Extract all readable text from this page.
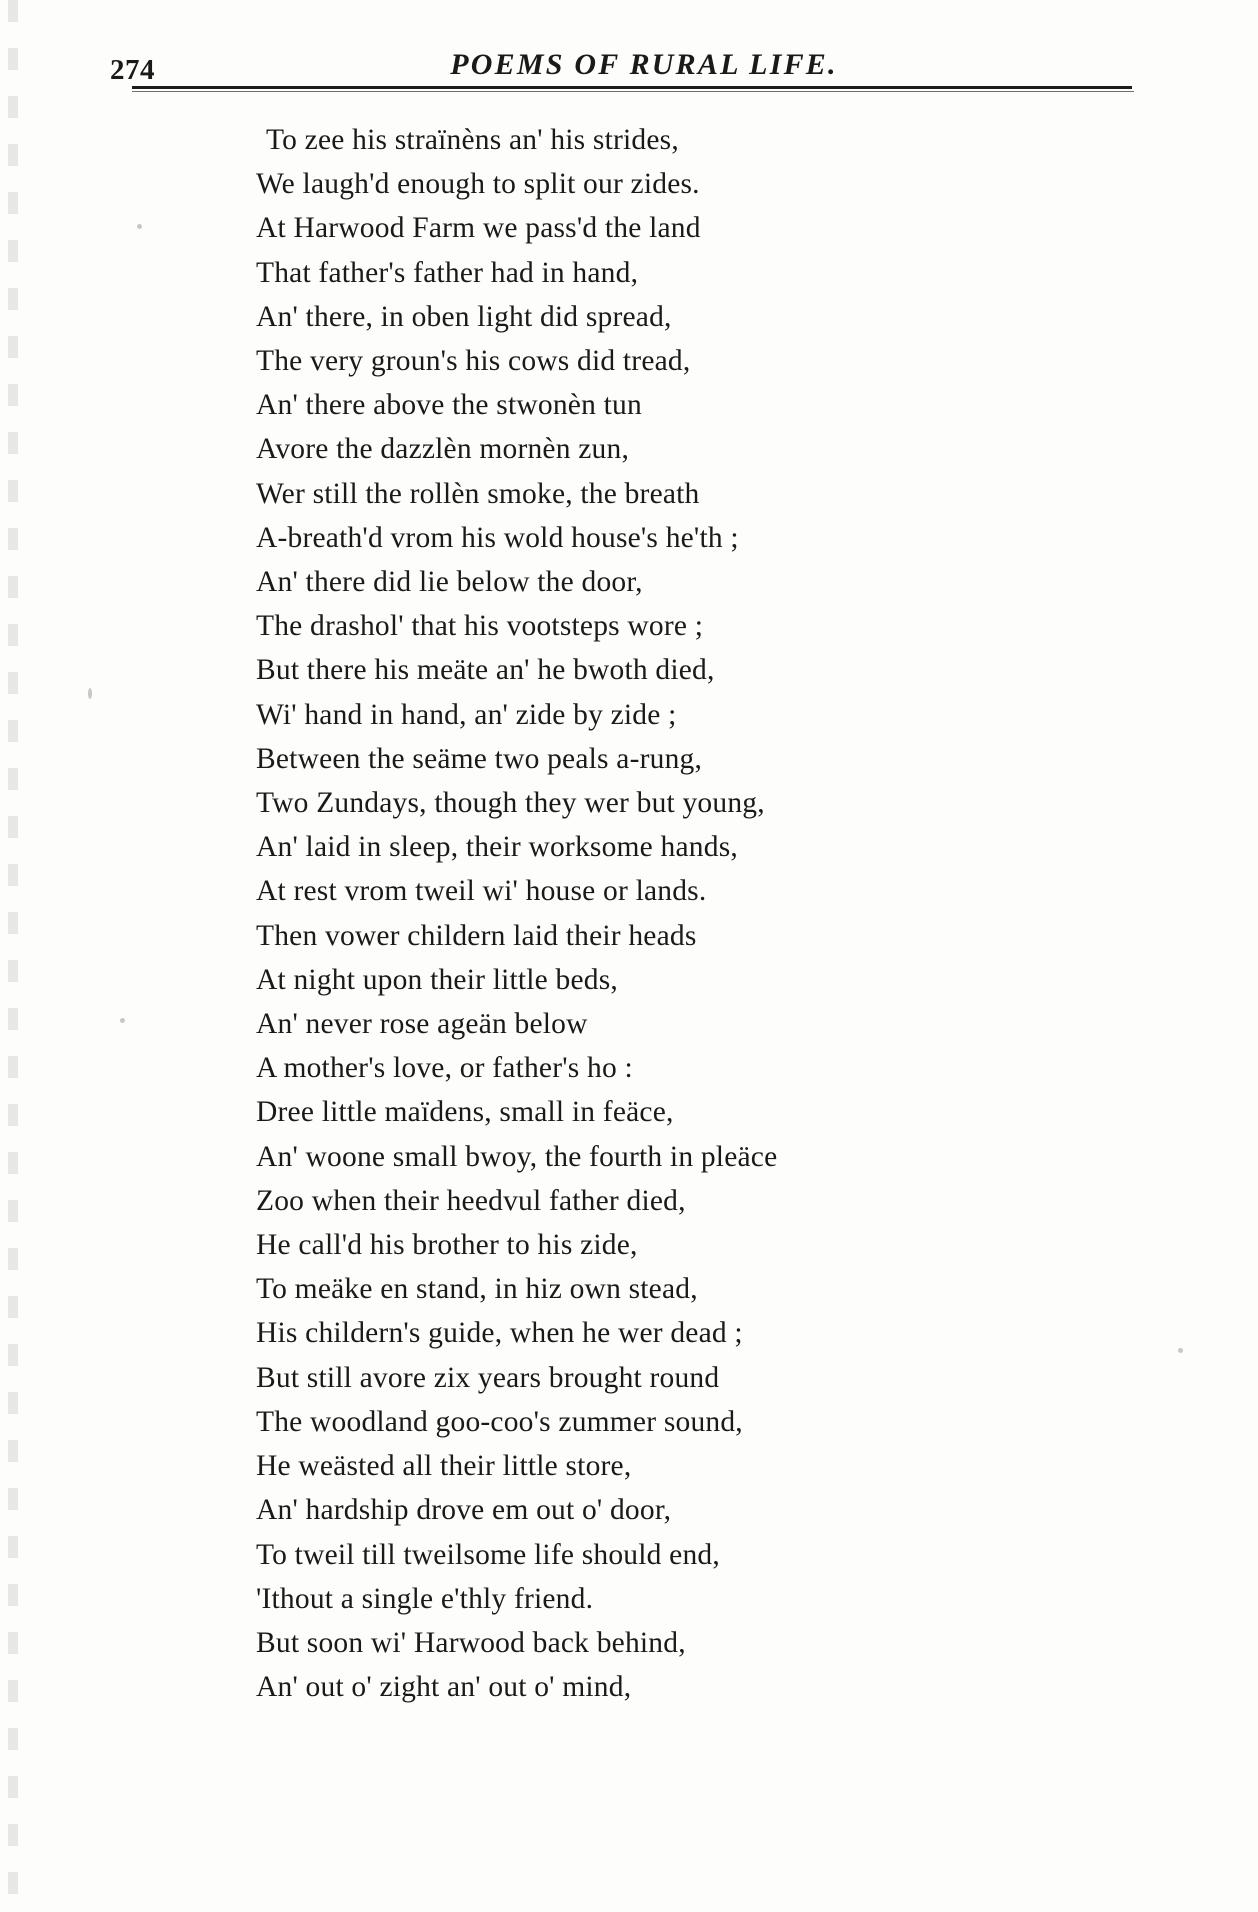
274	POEMS OF RURAL LIFE.
To zee his straïnèns an' his strides,
We laugh'd enough to split our zides.
At Harwood Farm we pass'd the land
That father's father had in hand,
An' there, in oben light did spread,
The very groun's his cows did tread,
An' there above the stwonèn tun
Avore the dazzlèn mornèn zun,
Wer still the rollèn smoke, the breath
A-breath'd vrom his wold house's he'th ;
An' there did lie below the door,
The drashol' that his vootsteps wore ;
But there his meäte an' he bwoth died,
Wi' hand in hand, an' zide by zide ;
Between the seäme two peals a-rung,
Two Zundays, though they wer but young,
An' laid in sleep, their worksome hands,
At rest vrom tweil wi' house or lands.
Then vower childern laid their heads
At night upon their little beds,
An' never rose ageän below
A mother's love, or father's ho :
Dree little maïdens, small in feäce,
An' woone small bwoy, the fourth in pleäce
Zoo when their heedvul father died,
He call'd his brother to his zide,
To meäke en stand, in hiz own stead,
His childern's guide, when he wer dead ;
But still avore zix years brought round
The woodland goo-coo's zummer sound,
He weästed all their little store,
An' hardship drove em out o' door,
To tweil till tweilsome life should end,
'Ithout a single e'thly friend.
But soon wi' Harwood back behind,
An' out o' zight an' out o' mind,
